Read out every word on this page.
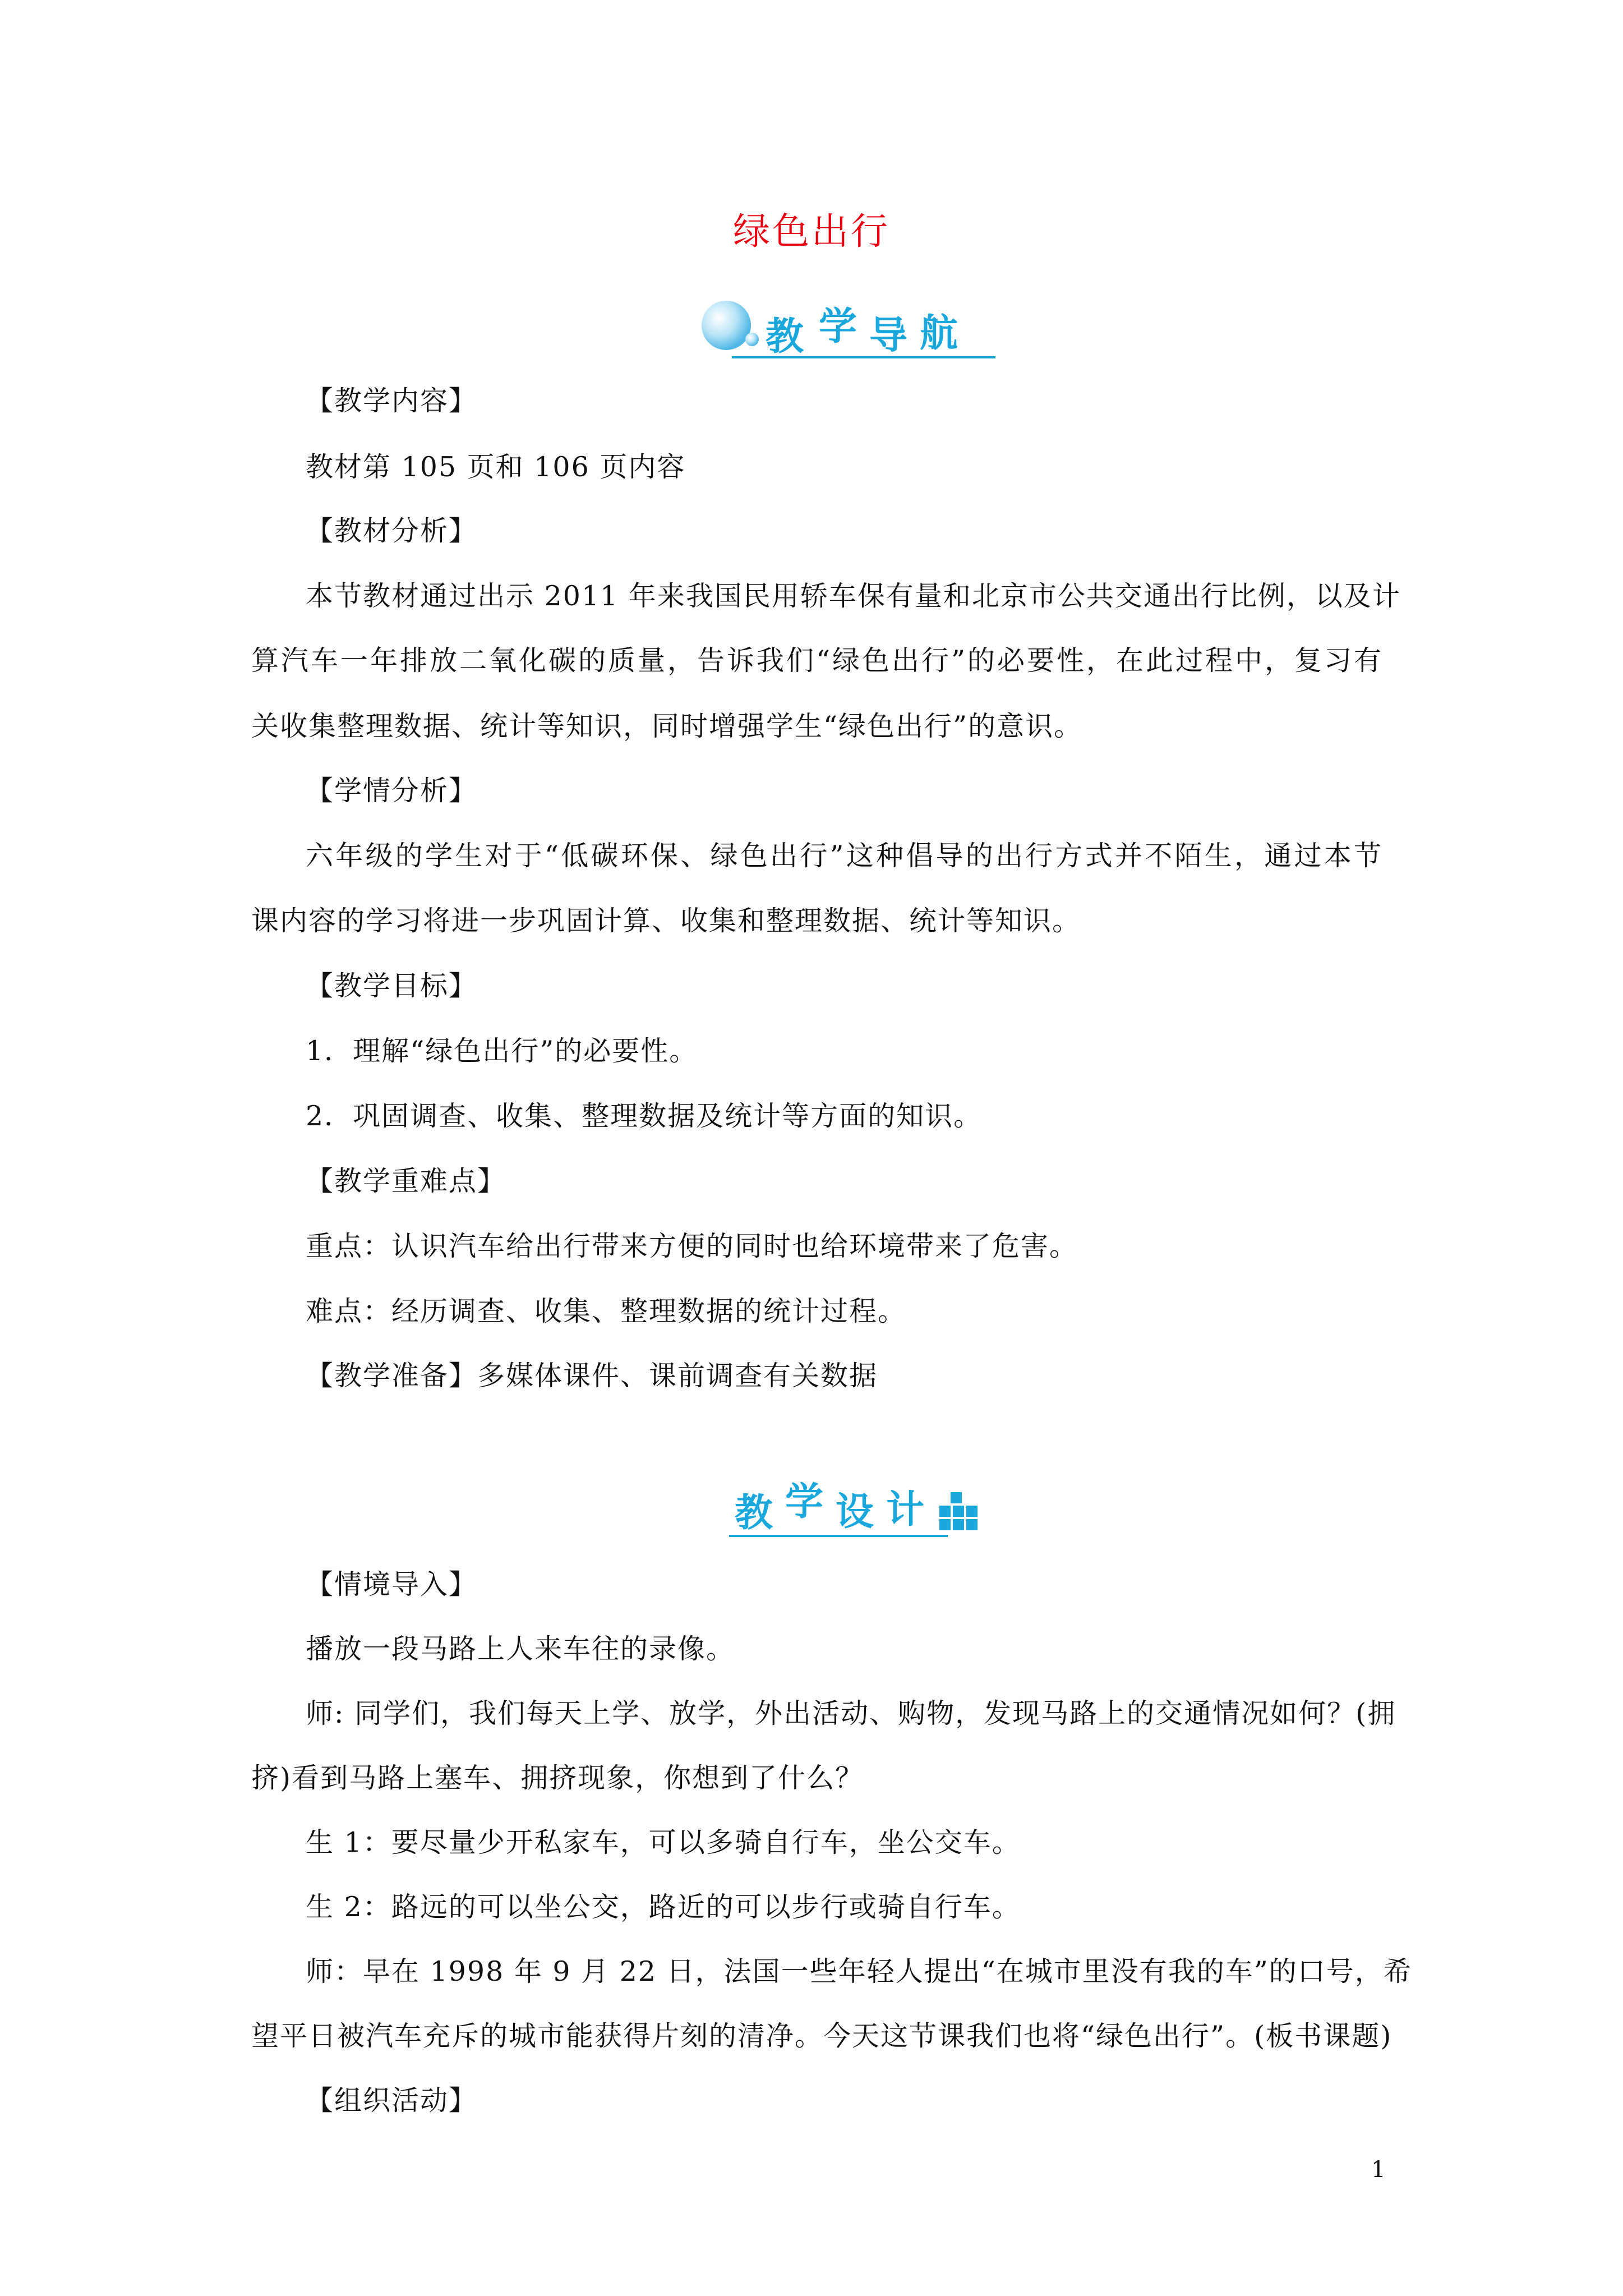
绿色出行
教 学 导 航
【教学内容】
教材第 105 页和 106 页内容
【教材分析】
本节教材通过出示 2011 年来我国民用轿车保有量和北京市公共交通出行比例，以及计
算汽车一年排放二氧化碳的质量，告诉我们“绿色出行”的必要性，在此过程中，复习有
关收集整理数据、统计等知识，同时增强学生“绿色出行”的意识。
【学情分析】
六年级的学生对于“低碳环保、绿色出行”这种倡导的出行方式并不陌生，通过本节
课内容的学习将进一步巩固计算、收集和整理数据、统计等知识。
【教学目标】
1．理解“绿色出行”的必要性。
2．巩固调查、收集、整理数据及统计等方面的知识。
【教学重难点】
重点：认识汽车给出行带来方便的同时也给环境带来了危害。
难点：经历调查、收集、整理数据的统计过程。
【教学准备】多媒体课件、课前调查有关数据
教 学 设 计
【情境导入】
播放一段马路上人来车往的录像。
师: 同学们，我们每天上学、放学，外出活动、购物，发现马路上的交通情况如何？(拥
挤)看到马路上塞车、拥挤现象，你想到了什么？
生 1：要尽量少开私家车，可以多骑自行车，坐公交车。
生 2：路远的可以坐公交，路近的可以步行或骑自行车。
师：早在 1998 年 9 月 22 日，法国一些年轻人提出“在城市里没有我的车”的口号，希
望平日被汽车充斥的城市能获得片刻的清净。今天这节课我们也将“绿色出行”。(板书课题)
【组织活动】
1
